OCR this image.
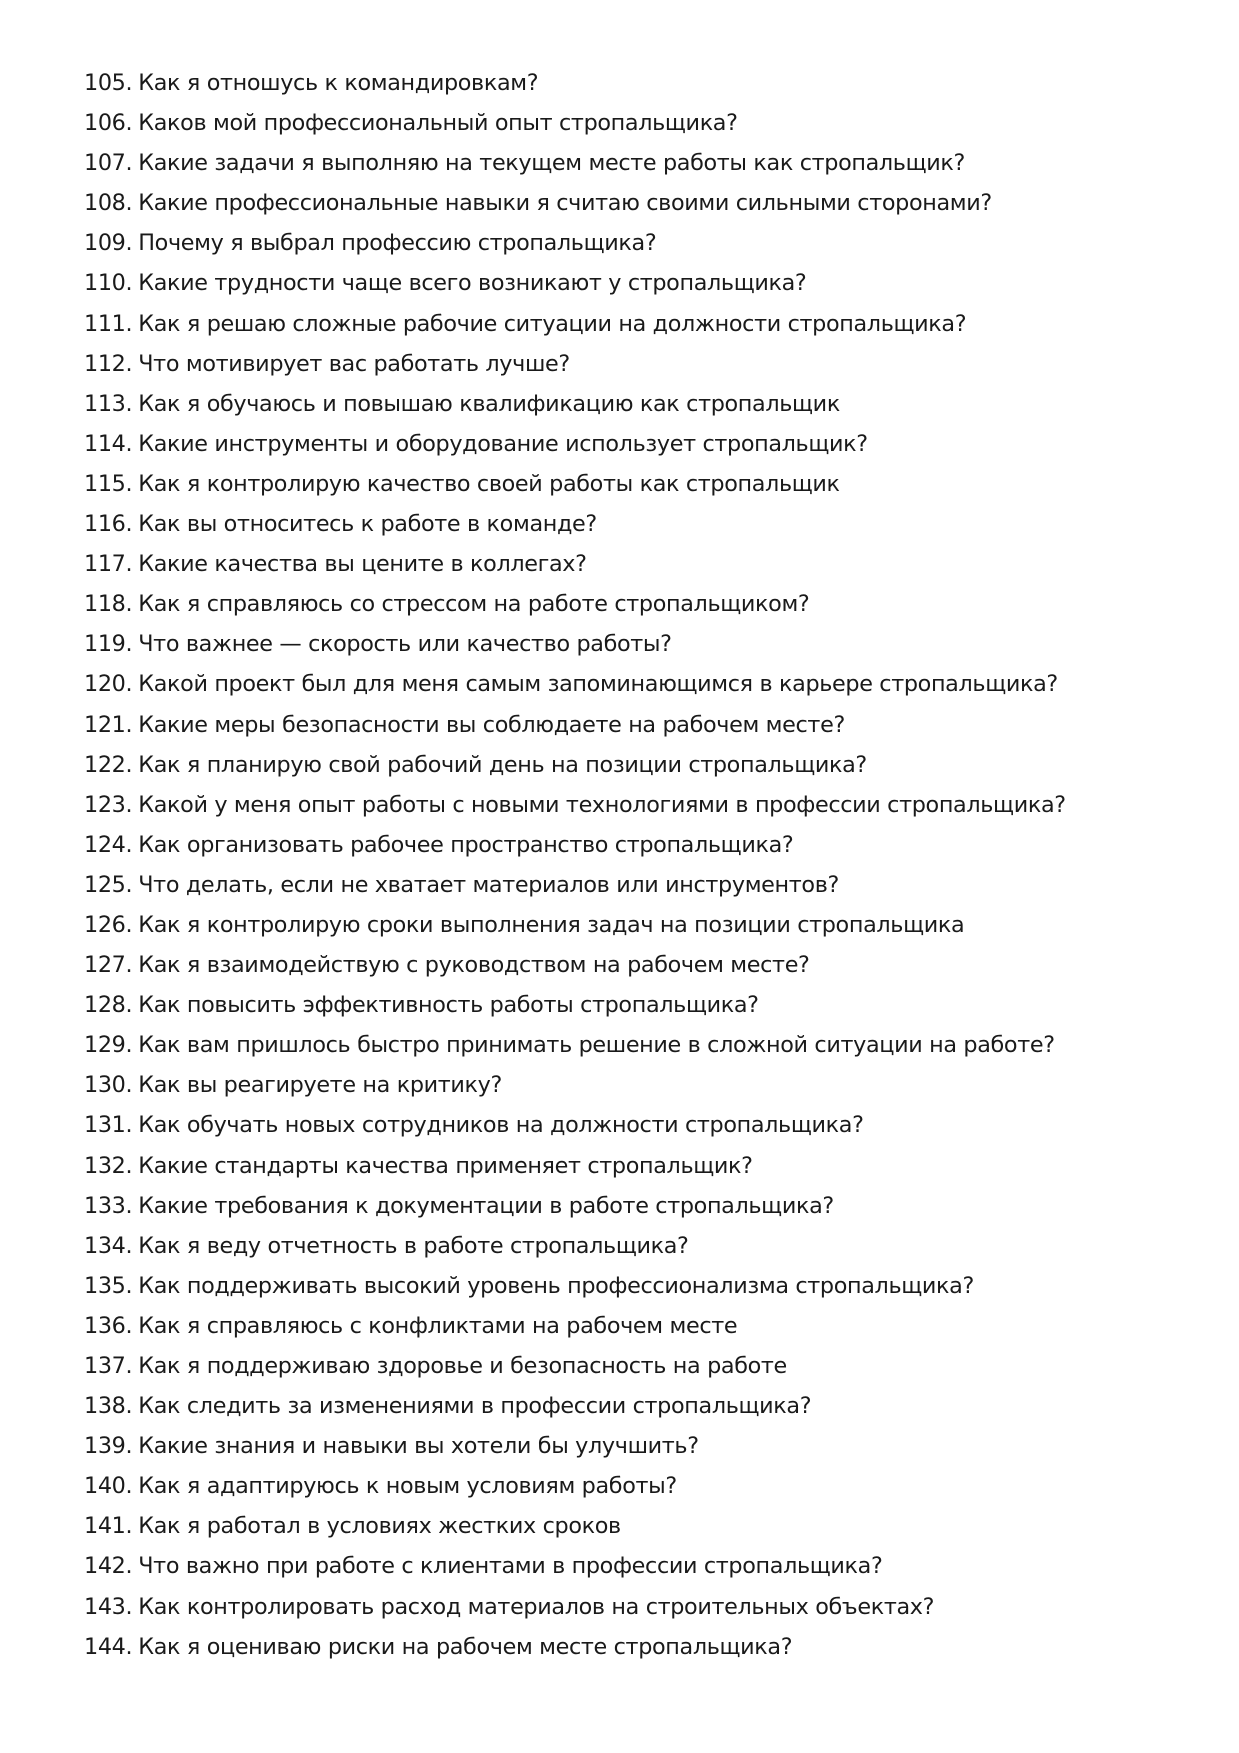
105. Как я отношусь к командировкам?
106. Каков мой профессиональный опыт стропальщика?
107. Какие задачи я выполняю на текущем месте работы как стропальщик?
108. Какие профессиональные навыки я считаю своими сильными сторонами?
109. Почему я выбрал профессию стропальщика?
110. Какие трудности чаще всего возникают у стропальщика?
111. Как я решаю сложные рабочие ситуации на должности стропальщика?
112. Что мотивирует вас работать лучше?
113. Как я обучаюсь и повышаю квалификацию как стропальщик
114. Какие инструменты и оборудование использует стропальщик?
115. Как я контролирую качество своей работы как стропальщик
116. Как вы относитесь к работе в команде?
117. Какие качества вы цените в коллегах?
118. Как я справляюсь со стрессом на работе стропальщиком?
119. Что важнее — скорость или качество работы?
120. Какой проект был для меня самым запоминающимся в карьере стропальщика?
121. Какие меры безопасности вы соблюдаете на рабочем месте?
122. Как я планирую свой рабочий день на позиции стропальщика?
123. Какой у меня опыт работы с новыми технологиями в профессии стропальщика?
124. Как организовать рабочее пространство стропальщика?
125. Что делать, если не хватает материалов или инструментов?
126. Как я контролирую сроки выполнения задач на позиции стропальщика
127. Как я взаимодействую с руководством на рабочем месте?
128. Как повысить эффективность работы стропальщика?
129. Как вам пришлось быстро принимать решение в сложной ситуации на работе?
130. Как вы реагируете на критику?
131. Как обучать новых сотрудников на должности стропальщика?
132. Какие стандарты качества применяет стропальщик?
133. Какие требования к документации в работе стропальщика?
134. Как я веду отчетность в работе стропальщика?
135. Как поддерживать высокий уровень профессионализма стропальщика?
136. Как я справляюсь с конфликтами на рабочем месте
137. Как я поддерживаю здоровье и безопасность на работе
138. Как следить за изменениями в профессии стропальщика?
139. Какие знания и навыки вы хотели бы улучшить?
140. Как я адаптируюсь к новым условиям работы?
141. Как я работал в условиях жестких сроков
142. Что важно при работе с клиентами в профессии стропальщика?
143. Как контролировать расход материалов на строительных объектах?
144. Как я оцениваю риски на рабочем месте стропальщика?
